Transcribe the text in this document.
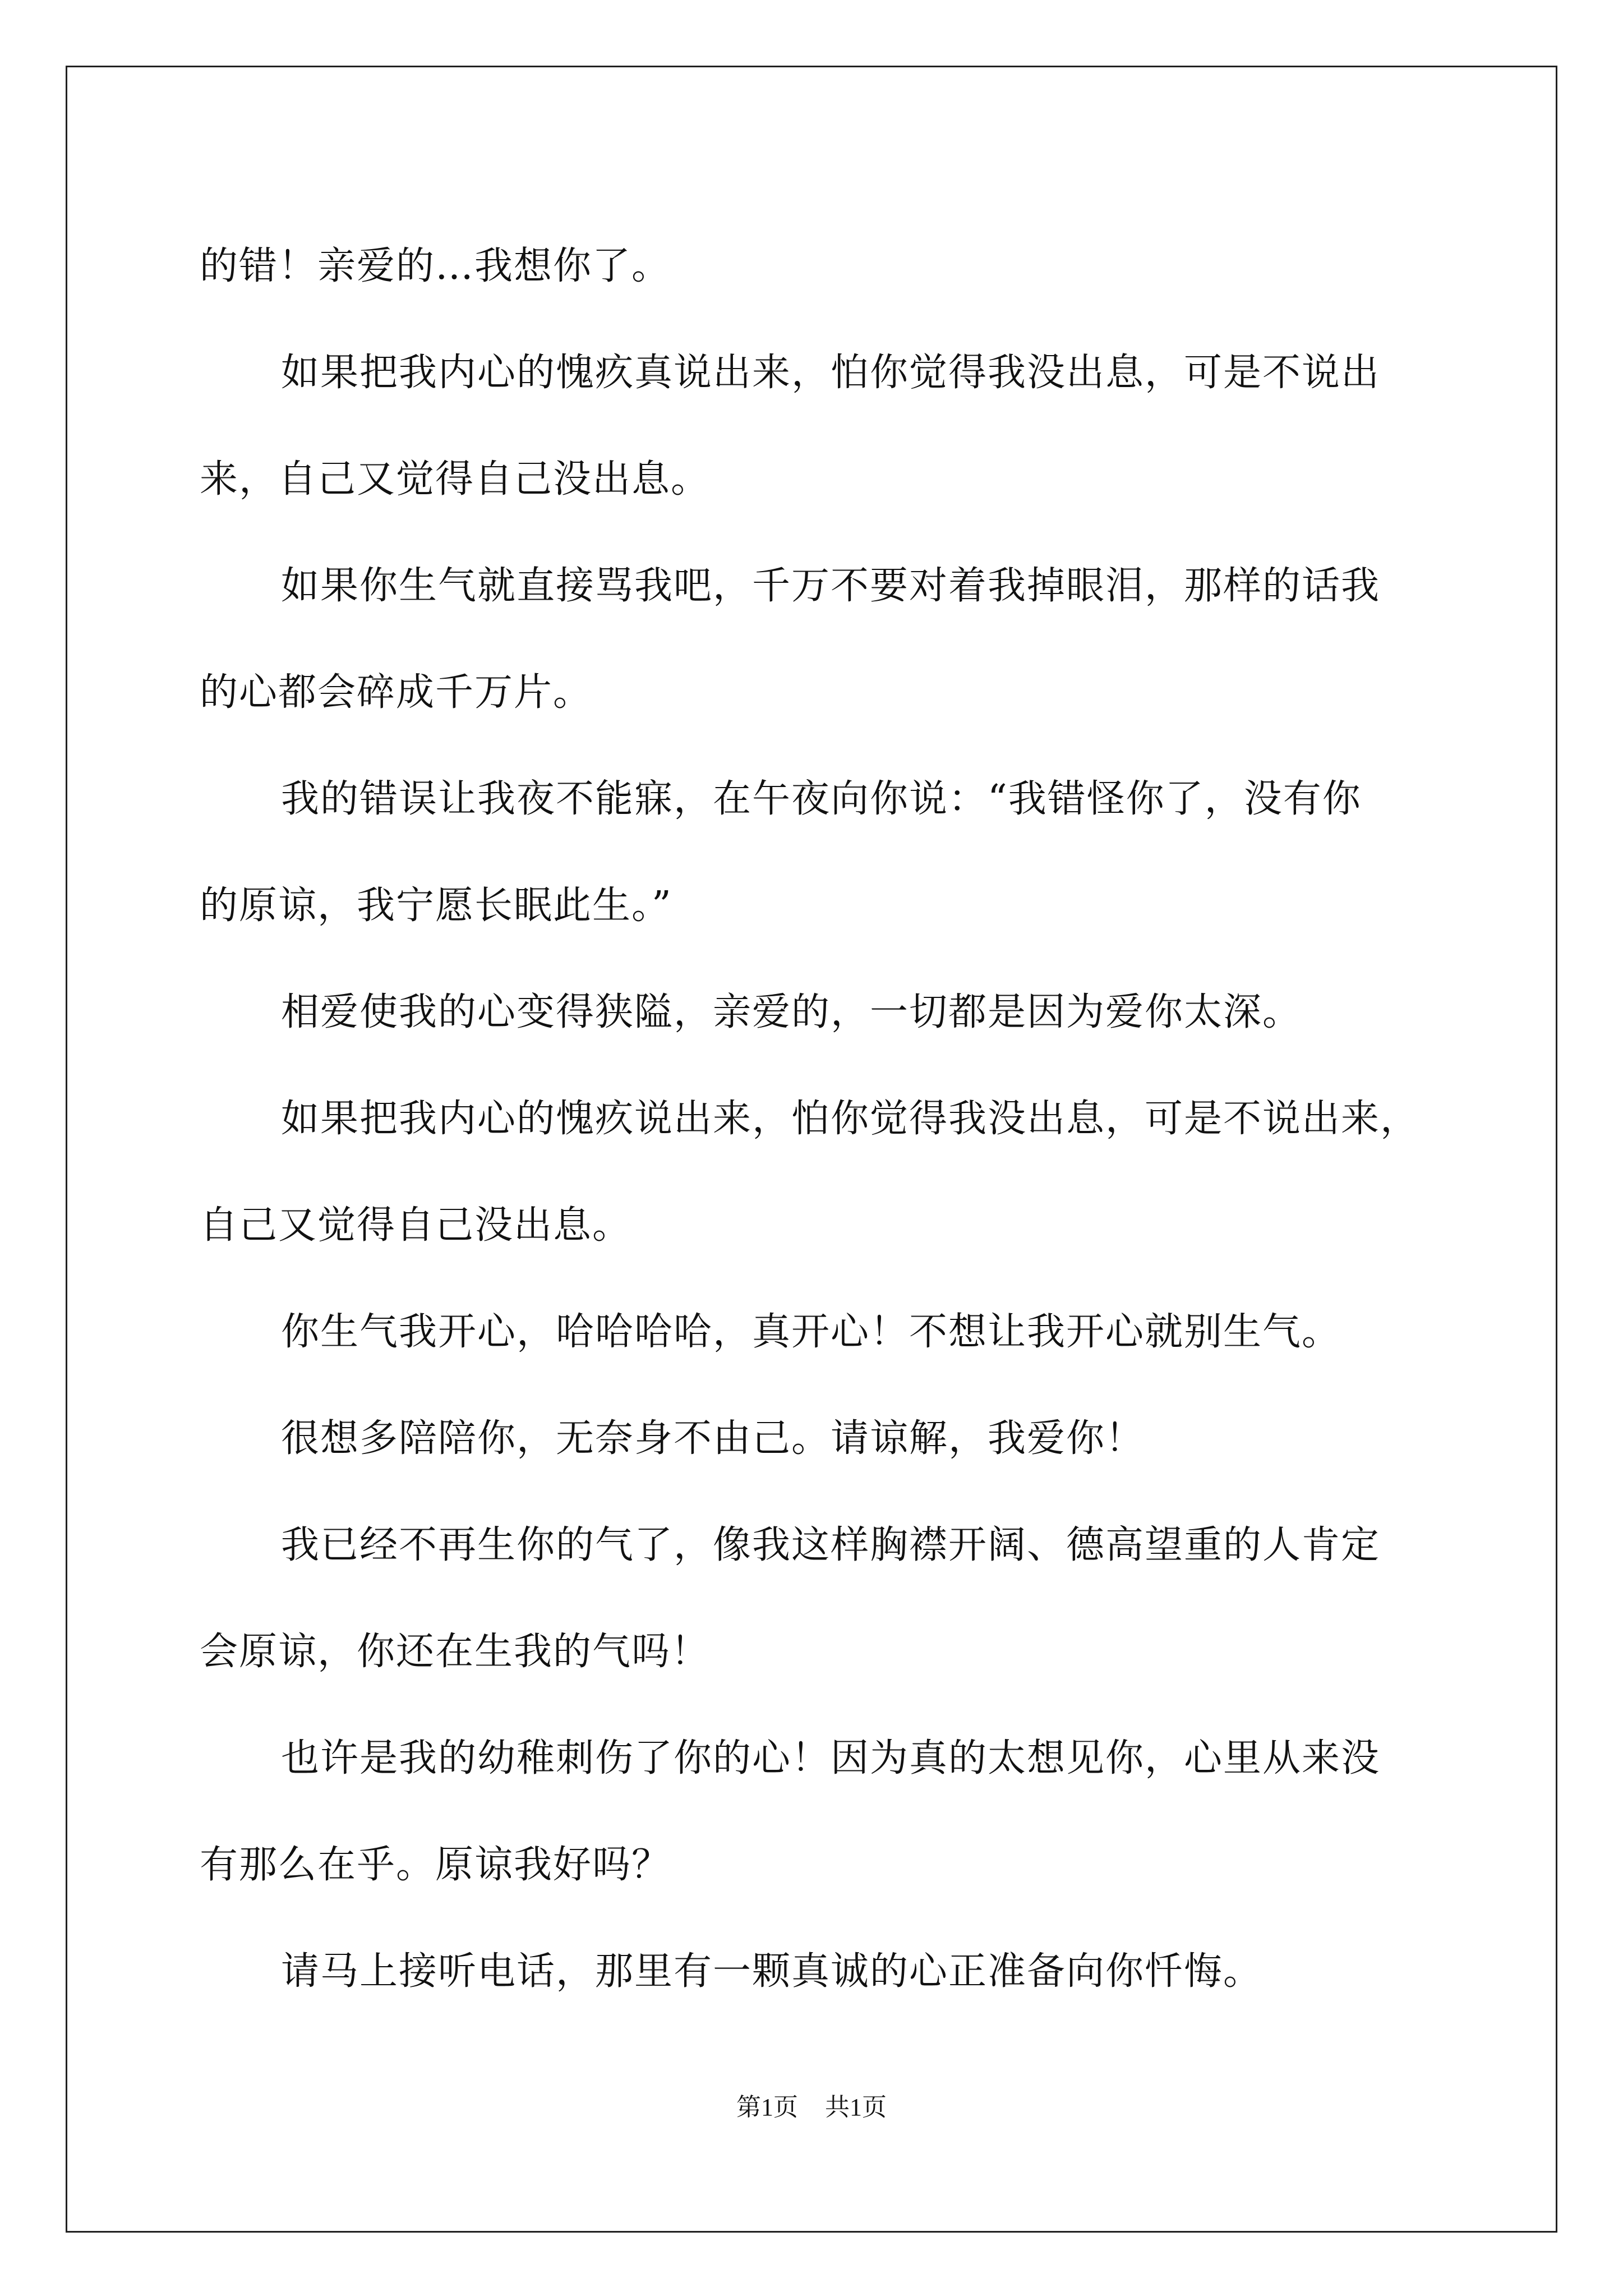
的错！亲爱的…我想你了。
如果把我内心的愧疚真说出来，怕你觉得我没出息，可是不说出
来，自己又觉得自己没出息。
如果你生气就直接骂我吧，千万不要对着我掉眼泪，那样的话我
的心都会碎成千万片。
我的错误让我夜不能寐，在午夜向你说：“我错怪你了，没有你
的原谅，我宁愿长眠此生。”
相爱使我的心变得狭隘，亲爱的，一切都是因为爱你太深。
如果把我内心的愧疚说出来，怕你觉得我没出息，可是不说出来，
自己又觉得自己没出息。
你生气我开心，哈哈哈哈，真开心！不想让我开心就别生气。
很想多陪陪你，无奈身不由己。请谅解，我爱你！
我已经不再生你的气了，像我这样胸襟开阔、德高望重的人肯定
会原谅，你还在生我的气吗！
也许是我的幼稚刺伤了你的心！因为真的太想见你，心里从来没
有那么在乎。原谅我好吗？
请马上接听电话，那里有一颗真诚的心正准备向你忏悔。
第1页 共1页
